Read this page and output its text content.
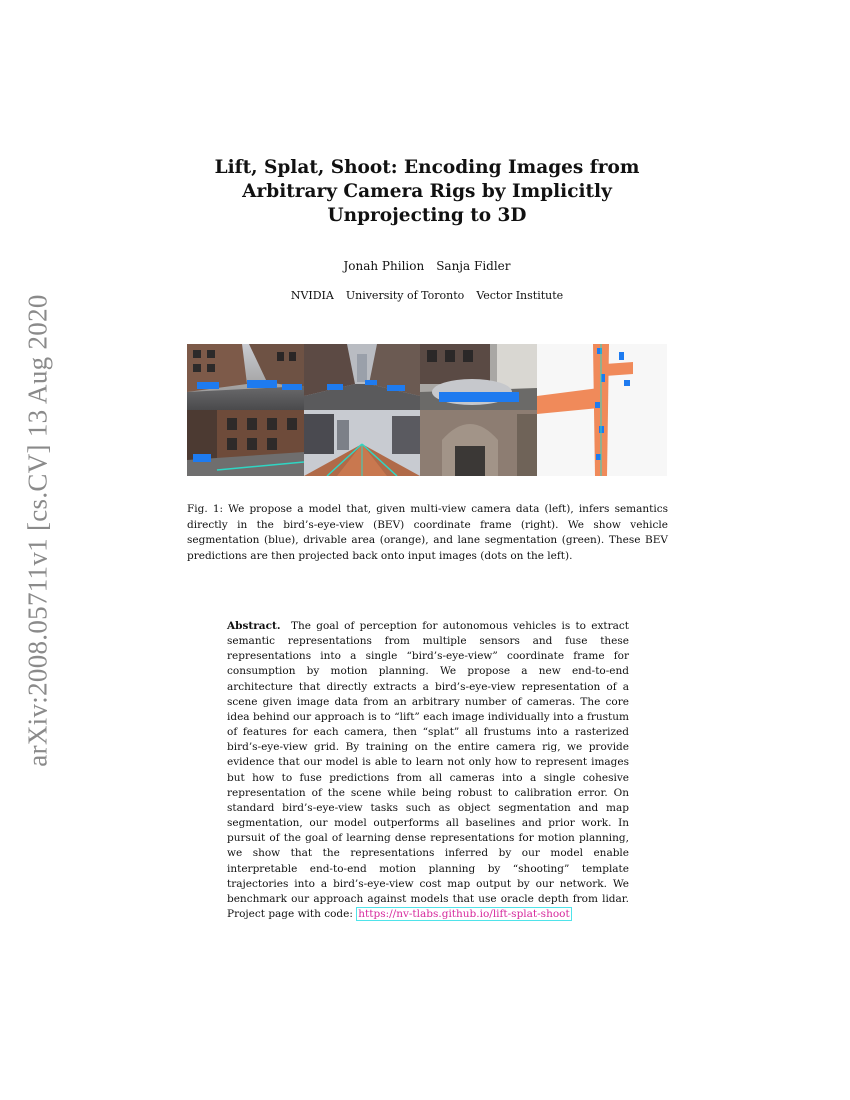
arXiv:2008.05711v1 [cs.CV] 13 Aug 2020
Lift, Splat, Shoot: Encoding Images from
Arbitrary Camera Rigs by Implicitly
Unprojecting to 3D
Jonah Philion Sanja Fidler
NVIDIA University of Toronto Vector Institute

Fig. 1: We propose a model that, given multi-view camera data (left), infers semantics directly in the bird’s-eye-view (BEV) coordinate frame (right). We show vehicle segmentation (blue), drivable area (orange), and lane segmentation (green). These BEV predictions are then projected back onto input images (dots on the left).

Abstract. The goal of perception for autonomous vehicles is to extract semantic representations from multiple sensors and fuse these representations into a single “bird’s-eye-view” coordinate frame for consumption by motion planning. We propose a new end-to-end architecture that directly extracts a bird’s-eye-view representation of a scene given image data from an arbitrary number of cameras. The core idea behind our approach is to “lift” each image individually into a frustum of features for each camera, then “splat” all frustums into a rasterized bird’s-eye-view grid. By training on the entire camera rig, we provide evidence that our model is able to learn not only how to represent images but how to fuse predictions from all cameras into a single cohesive representation of the scene while being robust to calibration error. On standard bird’s-eye-view tasks such as object segmentation and map segmentation, our model outperforms all baselines and prior work. In pursuit of the goal of learning dense representations for motion planning, we show that the representations inferred by our model enable interpretable end-to-end motion planning by “shooting” template trajectories into a bird’s-eye-view cost map output by our network. We benchmark our approach against models that use oracle depth from lidar. Project page with code: https://nv-tlabs.github.io/lift-splat-shoot
